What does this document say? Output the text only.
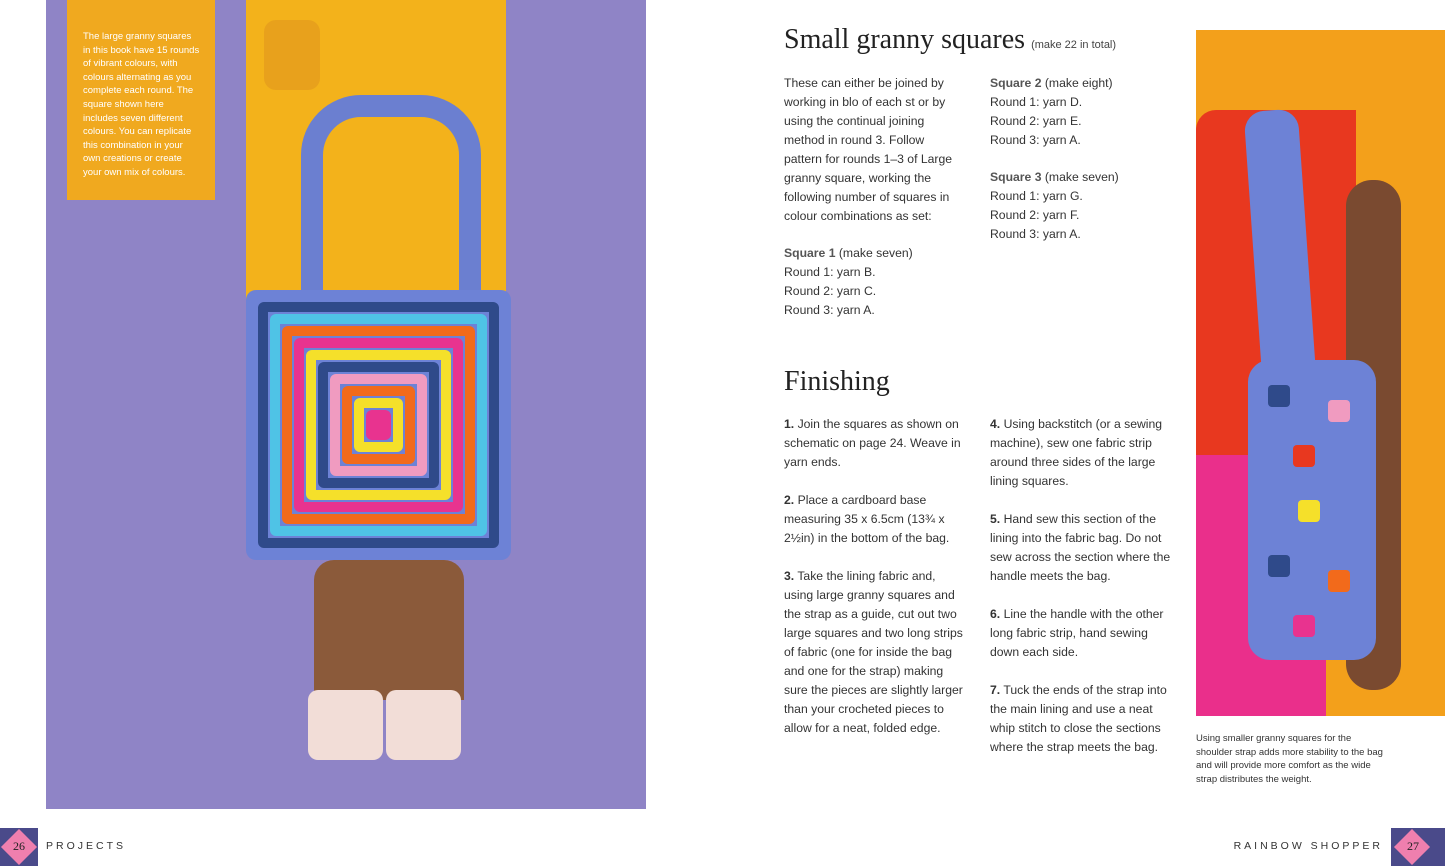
The large granny squares in this book have 15 rounds of vibrant colours, with colours alternating as you complete each round. The square shown here includes seven different colours. You can replicate this combination in your own creations or create your own mix of colours.

Small granny squares (make 22 in total)
These can either be joined by working in blo of each st or by using the continual joining method in round 3. Follow pattern for rounds 1–3 of Large granny square, working the following number of squares in colour combinations as set:
Square 1 (make seven)
Round 1: yarn B.
Round 2: yarn C.
Round 3: yarn A.
Square 2 (make eight)
Round 1: yarn D.
Round 2: yarn E.
Round 3: yarn A.
Square 3 (make seven)
Round 1: yarn G.
Round 2: yarn F.
Round 3: yarn A.
Finishing

1. Join the squares as shown on schematic on page 24. Weave in yarn ends.

2. Place a cardboard base measuring 35 x 6.5cm (13¾ x 2½in) in the bottom of the bag.

3. Take the lining fabric and, using large granny squares and the strap as a guide, cut out two large squares and two long strips of fabric (one for inside the bag and one for the strap) making sure the pieces are slightly larger than your crocheted pieces to allow for a neat, folded edge.

4. Using backstitch (or a sewing machine), sew one fabric strip around three sides of the large lining squares.

5. Hand sew this section of the lining into the fabric bag. Do not sew across the section where the handle meets the bag.

6. Line the handle with the other long fabric strip, hand sewing down each side.

7. Tuck the ends of the strap into the main lining and use a neat whip stitch to close the sections where the strap meets the bag.

Using smaller granny squares for the shoulder strap adds more stability to the bag and will provide more comfort as the wide strap distributes the weight.

26	PROJECTS	RAINBOW SHOPPER	27
